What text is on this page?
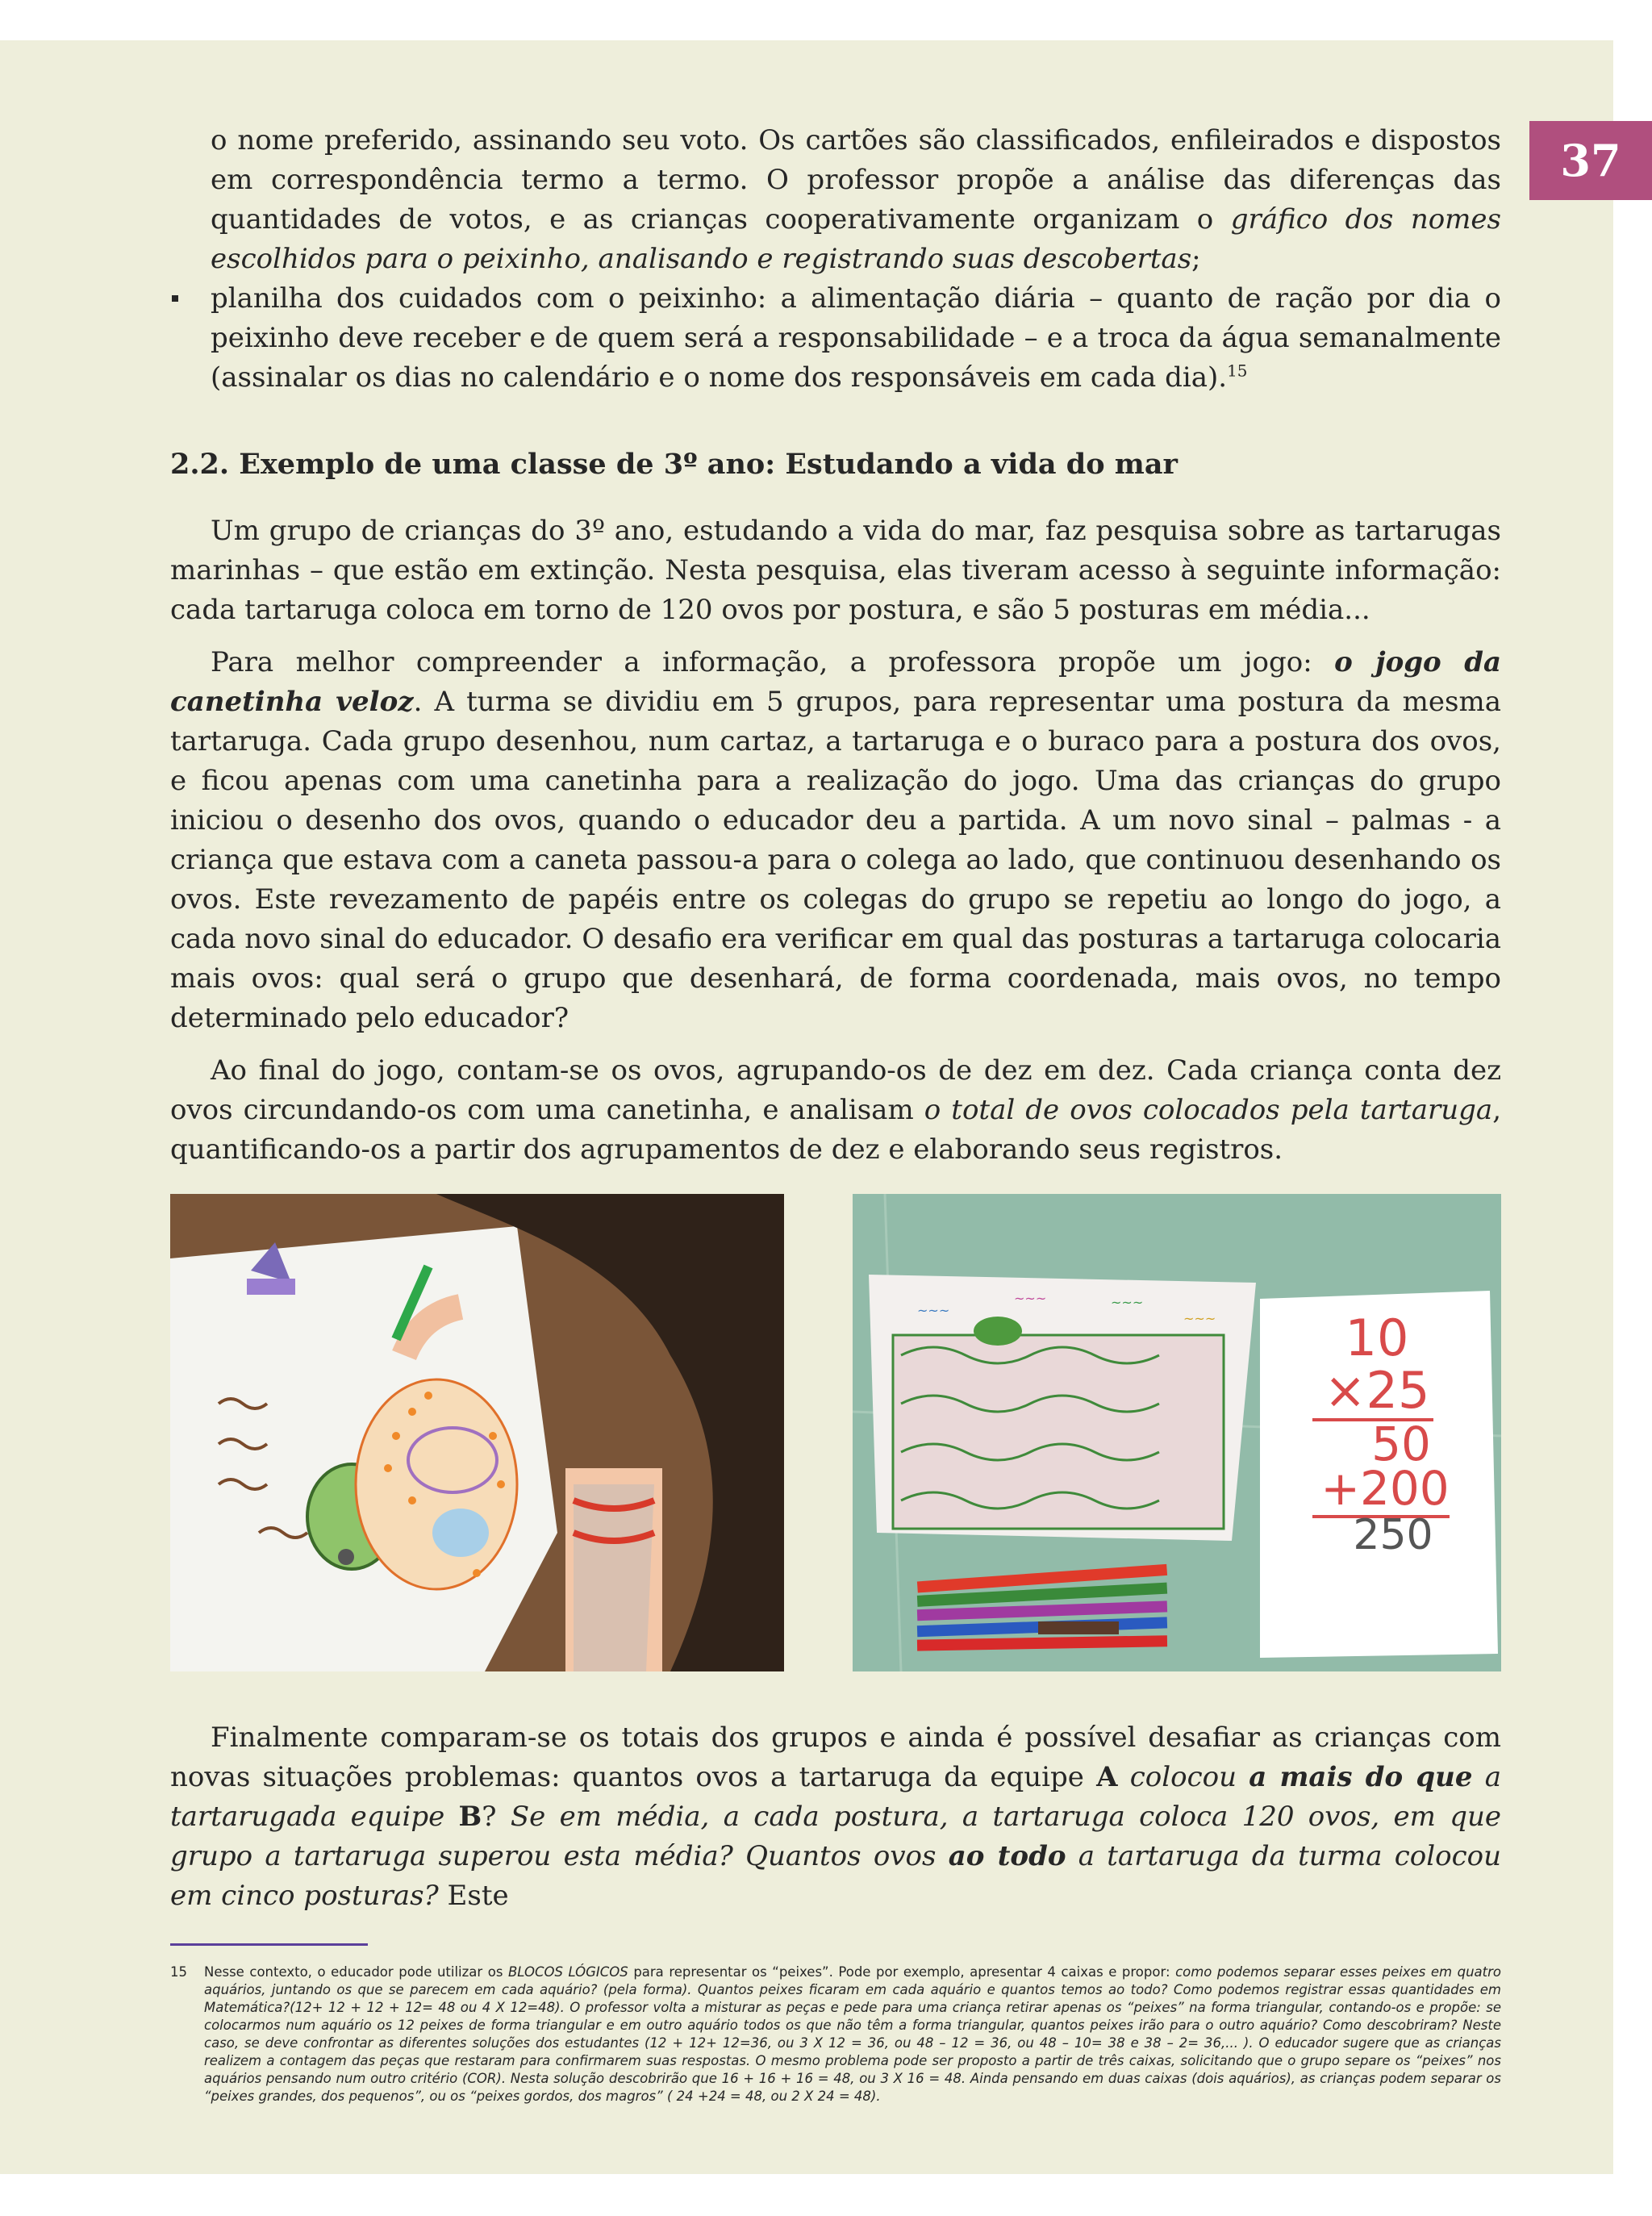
37

o nome preferido, assinando seu voto. Os cartões são classificados, enfileirados e dispostos em correspondência termo a termo. O professor propõe a análise das diferenças das quantidades de votos, e as crianças cooperativamente organizam o gráfico dos nomes escolhidos para o peixinho, analisando e registrando suas descobertas;

planilha dos cuidados com o peixinho: a alimentação diária – quanto de ração por dia o peixinho deve receber e de quem será a responsabilidade – e a troca da água semanalmente (assinalar os dias no calendário e o nome dos responsáveis em cada dia).$^{15}$

2.2. Exemplo de uma classe de 3º ano: Estudando a vida do mar

Um grupo de crianças do 3º ano, estudando a vida do mar, faz pesquisa sobre as tartarugas marinhas – que estão em extinção. Nesta pesquisa, elas tiveram acesso à seguinte informação: cada tartaruga coloca em torno de 120 ovos por postura, e são 5 posturas em média...

Para melhor compreender a informação, a professora propõe um jogo: o jogo da canetinha veloz. A turma se dividiu em 5 grupos, para representar uma postura da mesma tartaruga. Cada grupo desenhou, num cartaz, a tartaruga e o buraco para a postura dos ovos, e ficou apenas com uma canetinha para a realização do jogo. Uma das crianças do grupo iniciou o desenho dos ovos, quando o educador deu a partida. A um novo sinal – palmas - a criança que estava com a caneta passou-a para o colega ao lado, que continuou desenhando os ovos. Este revezamento de papéis entre os colegas do grupo se repetiu ao longo do jogo, a cada novo sinal do educador. O desafio era verificar em qual das posturas a tartaruga colocaria mais ovos: qual será o grupo que desenhará, de forma coordenada, mais ovos, no tempo determinado pelo educador?

Ao final do jogo, contam-se os ovos, agrupando-os de dez em dez. Cada criança conta dez ovos circundando-os com uma canetinha, e analisam o total de ovos colocados pela tartaruga, quantificando-os a partir dos agrupamentos de dez e elaborando seus registros.

~~~
~~~	~~~
~~~	10
×25
50
+200
250

Finalmente comparam-se os totais dos grupos e ainda é possível desafiar as crianças com novas situações problemas: quantos ovos a tartaruga da equipe A colocou a mais do que a tartarugada equipe B? Se em média, a cada postura, a tartaruga coloca 120 ovos, em que grupo a tartaruga superou esta média? Quantos ovos ao todo a tartaruga da turma colocou em cinco posturas? Este

15 Nesse contexto, o educador pode utilizar os BLOCOS LÓGICOS para representar os “peixes”. Pode por exemplo, apresentar 4 caixas e propor: como podemos separar esses peixes em quatro aquários, juntando os que se parecem em cada aquário? (pela forma). Quantos peixes ficaram em cada aquário e quantos temos ao todo? Como podemos registrar essas quantidades em Matemática?(12+ 12 + 12 + 12= 48 ou 4 X 12=48). O professor volta a misturar as peças e pede para uma criança retirar apenas os “peixes” na forma triangular, contando-os e propõe: se colocarmos num aquário os 12 peixes de forma triangular e em outro aquário todos os que não têm a forma triangular, quantos peixes irão para o outro aquário? Como descobriram? Neste caso, se deve confrontar as diferentes soluções dos estudantes (12 + 12+ 12=36, ou 3 X 12 = 36, ou 48 – 12 = 36, ou 48 – 10= 38 e 38 – 2= 36,... ). O educador sugere que as crianças realizem a contagem das peças que restaram para confirmarem suas respostas. O mesmo problema pode ser proposto a partir de três caixas, solicitando que o grupo separe os “peixes” nos aquários pensando num outro critério (COR). Nesta solução descobrirão que 16 + 16 + 16 = 48, ou 3 X 16 = 48. Ainda pensando em duas caixas (dois aquários), as crianças podem separar os “peixes grandes, dos pequenos”, ou os “peixes gordos, dos magros” ( 24 +24 = 48, ou 2 X 24 = 48).
